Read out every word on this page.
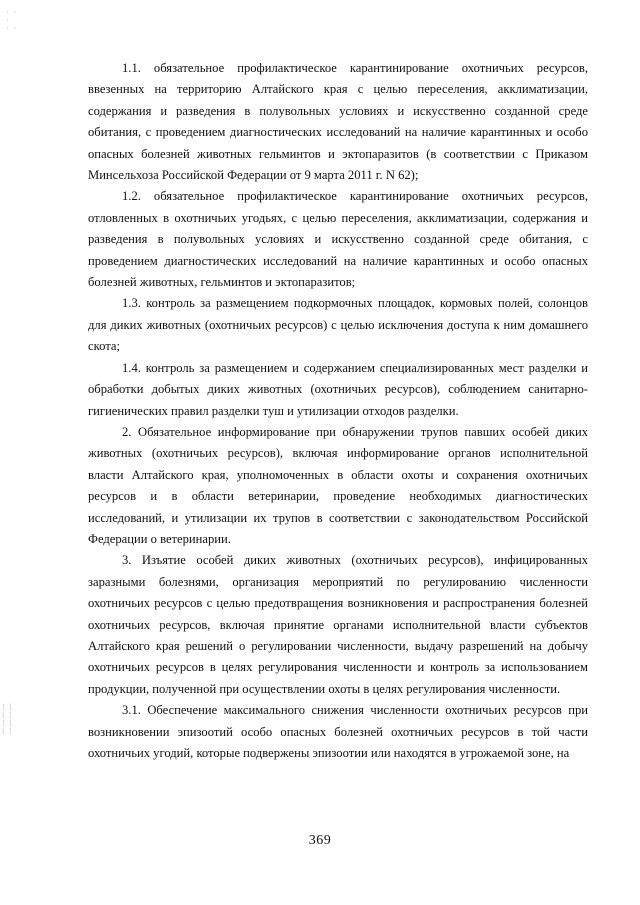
· ·
·
· ·
⁝ ⁞
⁞ ⁝
⁝ ⁞
⁞ ⁝

1.1. обязательное профилактическое карантинирование охотничьих ресурсов, ввезенных на территорию Алтайского края с целью переселения, акклиматизации, содержания и разведения в полувольных условиях и искусственно созданной среде обитания, с проведением диагностических исследований на наличие карантинных и особо опасных болезней животных гельминтов и эктопаразитов (в соответствии с Приказом Минсельхоза Российской Федерации от 9 марта 2011 г. N 62);

1.2. обязательное профилактическое карантинирование охотничьих ресурсов, отловленных в охотничьих угодьях, с целью переселения, акклиматизации, содержания и разведения в полувольных условиях и искусственно созданной среде обитания, с проведением диагностических исследований на наличие карантинных и особо опасных болезней животных, гельминтов и эктопаразитов;

1.3. контроль за размещением подкормочных площадок, кормовых полей, солонцов для диких животных (охотничьих ресурсов) с целью исключения доступа к ним домашнего скота;

1.4. контроль за размещением и содержанием специализированных мест разделки и обработки добытых диких животных (охотничьих ресурсов), соблюдением санитарно-гигиенических правил разделки туш и утилизации отходов разделки.

2. Обязательное информирование при обнаружении трупов павших особей диких животных (охотничьих ресурсов), включая информирование органов исполнительной власти Алтайского края, уполномоченных в области охоты и сохранения охотничьих ресурсов и в области ветеринарии, проведение необходимых диагностических исследований, и утилизации их трупов в соответствии с законодательством Российской Федерации о ветеринарии.

3. Изъятие особей диких животных (охотничьих ресурсов), инфицированных заразными болезнями, организация мероприятий по регулированию численности охотничьих ресурсов с целью предотвращения возникновения и распространения болезней охотничьих ресурсов, включая принятие органами исполнительной власти субъектов Алтайского края решений о регулировании численности, выдачу разрешений на добычу охотничьих ресурсов в целях регулирования численности и контроль за использованием продукции, полученной при осуществлении охоты в целях регулирования численности.

3.1. Обеспечение максимального снижения численности охотничьих ресурсов при возникновении эпизоотий особо опасных болезней охотничьих ресурсов в той части охотничьих угодий, которые подвержены эпизоотии или находятся в угрожаемой зоне, на

369
